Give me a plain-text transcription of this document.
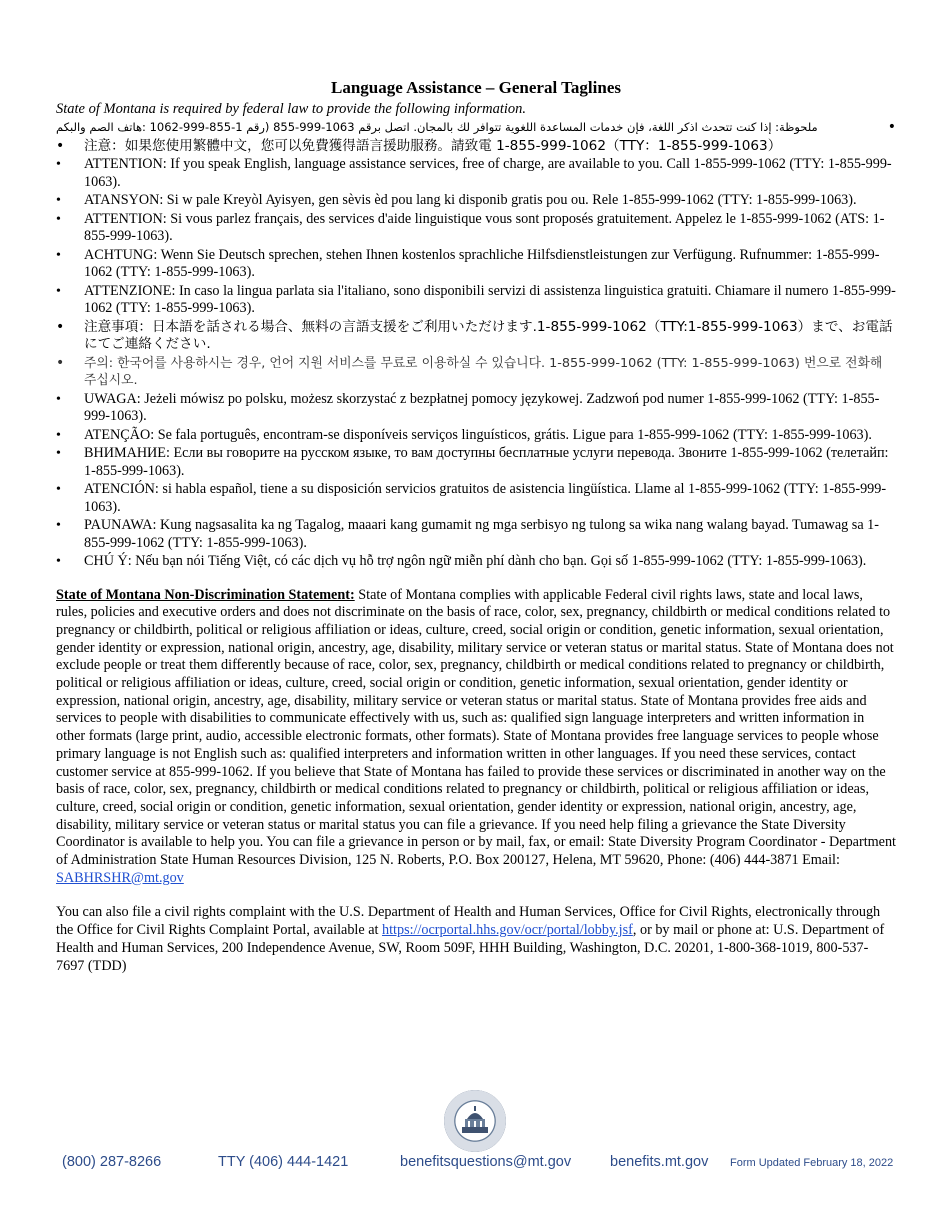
Language Assistance – General Taglines
State of Montana is required by federal law to provide the following information.
• ملحوظة: إذا كنت تتحدث اذكر اللغة، فإن خدمات المساعدة اللغوية تتوافر لك بالمجان. اتصل برقم 1063-999-855 (رقم 1-855-999-1062 :هاتف الصم والبكم
• 注意：如果您使用繁體中文，您可以免費獲得語言援助服務。請致電 1-855-999-1062（TTY：1-855-999-1063）
• ATTENTION: If you speak English, language assistance services, free of charge, are available to you. Call 1-855-999-1062 (TTY: 1-855-999-1063).
• ATANSYON: Si w pale Kreyòl Ayisyen, gen sèvis èd pou lang ki disponib gratis pou ou. Rele 1-855-999-1062 (TTY: 1-855-999-1063).
• ATTENTION: Si vous parlez français, des services d'aide linguistique vous sont proposés gratuitement. Appelez le 1-855-999-1062 (ATS: 1-855-999-1063).
• ACHTUNG: Wenn Sie Deutsch sprechen, stehen Ihnen kostenlos sprachliche Hilfsdienstleistungen zur Verfügung. Rufnummer: 1-855-999-1062 (TTY: 1-855-999-1063).
• ATTENZIONE: In caso la lingua parlata sia l'italiano, sono disponibili servizi di assistenza linguistica gratuiti. Chiamare il numero 1-855-999-1062 (TTY: 1-855-999-1063).
• 注意事項：日本語を話される場合、無料の言語支援をご利用いただけます.1-855-999-1062（TTY:1-855-999-1063）まで、お電話にてご連絡ください.
• 주의: 한국어를 사용하시는 경우, 언어 지원 서비스를 무료로 이용하실 수 있습니다. 1-855-999-1062 (TTY: 1-855-999-1063) 번으로 전화해 주십시오.
• UWAGA: Jeżeli mówisz po polsku, możesz skorzystać z bezpłatnej pomocy językowej. Zadzwoń pod numer 1-855-999-1062 (TTY: 1-855-999-1063).
• ATENÇÃO: Se fala português, encontram-se disponíveis serviços linguísticos, grátis. Ligue para 1-855-999-1062 (TTY: 1-855-999-1063).
• ВНИМАНИЕ: Если вы говорите на русском языке, то вам доступны бесплатные услуги перевода. Звоните 1-855-999-1062 (телетайп: 1-855-999-1063).
• ATENCIÓN: si habla español, tiene a su disposición servicios gratuitos de asistencia lingüística. Llame al 1-855-999-1062 (TTY: 1-855-999-1063).
• PAUNAWA: Kung nagsasalita ka ng Tagalog, maaari kang gumamit ng mga serbisyo ng tulong sa wika nang walang bayad. Tumawag sa 1-855-999-1062 (TTY: 1-855-999-1063).
• CHÚ Ý: Nếu bạn nói Tiếng Việt, có các dịch vụ hỗ trợ ngôn ngữ miễn phí dành cho bạn. Gọi số 1-855-999-1062 (TTY: 1-855-999-1063).
State of Montana Non-Discrimination Statement: State of Montana complies with applicable Federal civil rights laws, state and local laws, rules, policies and executive orders and does not discriminate on the basis of race, color, sex, pregnancy, childbirth or medical conditions related to pregnancy or childbirth, political or religious affiliation or ideas, culture, creed, social origin or condition, genetic information, sexual orientation, gender identity or expression, national origin, ancestry, age, disability, military service or veteran status or marital status. State of Montana does not exclude people or treat them differently because of race, color, sex, pregnancy, childbirth or medical conditions related to pregnancy or childbirth, political or religious affiliation or ideas, culture, creed, social origin or condition, genetic information, sexual orientation, gender identity or expression, national origin, ancestry, age, disability, military service or veteran status or marital status. State of Montana provides free aids and services to people with disabilities to communicate effectively with us, such as: qualified sign language interpreters and written information in other formats (large print, audio, accessible electronic formats, other formats). State of Montana provides free language services to people whose primary language is not English such as: qualified interpreters and information written in other languages. If you need these services, contact customer service at 855-999-1062. If you believe that State of Montana has failed to provide these services or discriminated in another way on the basis of race, color, sex, pregnancy, childbirth or medical conditions related to pregnancy or childbirth, political or religious affiliation or ideas, culture, creed, social origin or condition, genetic information, sexual orientation, gender identity or expression, national origin, ancestry, age, disability, military service or veteran status or marital status you can file a grievance. If you need help filing a grievance the State Diversity Coordinator is available to help you. You can file a grievance in person or by mail, fax, or email: State Diversity Program Coordinator - Department of Administration State Human Resources Division, 125 N. Roberts, P.O. Box 200127, Helena, MT 59620, Phone: (406) 444-3871 Email: SABHRSHR@mt.gov
You can also file a civil rights complaint with the U.S. Department of Health and Human Services, Office for Civil Rights, electronically through the Office for Civil Rights Complaint Portal, available at https://ocrportal.hhs.gov/ocr/portal/lobby.jsf, or by mail or phone at: U.S. Department of Health and Human Services, 200 Independence Avenue, SW, Room 509F, HHH Building, Washington, D.C. 20201, 1-800-368-1019, 800-537-7697 (TDD)
(800) 287-8266	TTY (406) 444-1421	benefitsquestions@mt.gov	benefits.mt.gov Form Updated February 18, 2022
